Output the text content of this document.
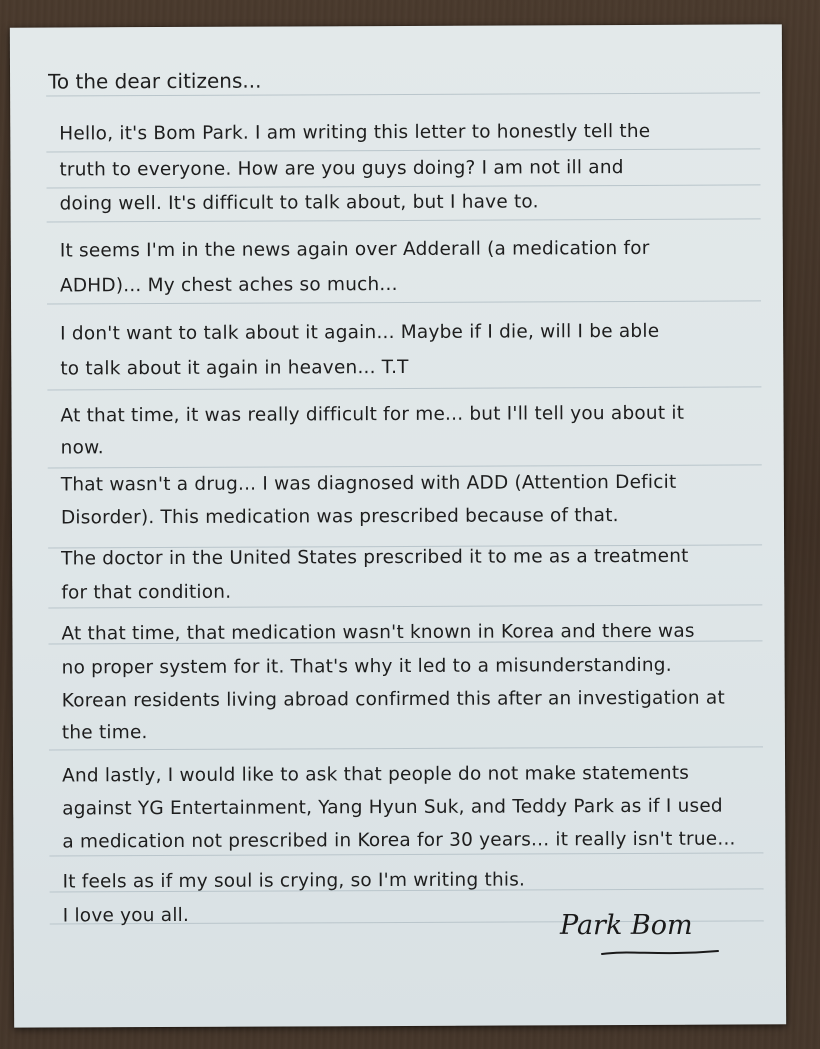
To the dear citizens...
Hello, it's Bom Park. I am writing this letter to honestly tell the
truth to everyone. How are you guys doing? I am not ill and
doing well. It's difficult to talk about, but I have to.
It seems I'm in the news again over Adderall (a medication for
ADHD)... My chest aches so much...
I don't want to talk about it again... Maybe if I die, will I be able
to talk about it again in heaven... T.T
At that time, it was really difficult for me... but I'll tell you about it
now.
That wasn't a drug... I was diagnosed with ADD (Attention Deficit
Disorder). This medication was prescribed because of that.
The doctor in the United States prescribed it to me as a treatment
for that condition.
At that time, that medication wasn't known in Korea and there was
no proper system for it. That's why it led to a misunderstanding.
Korean residents living abroad confirmed this after an investigation at
the time.
And lastly, I would like to ask that people do not make statements
against YG Entertainment, Yang Hyun Suk, and Teddy Park as if I used
a medication not prescribed in Korea for 30 years... it really isn't true...
It feels as if my soul is crying, so I'm writing this.
I love you all.	Park Bom
